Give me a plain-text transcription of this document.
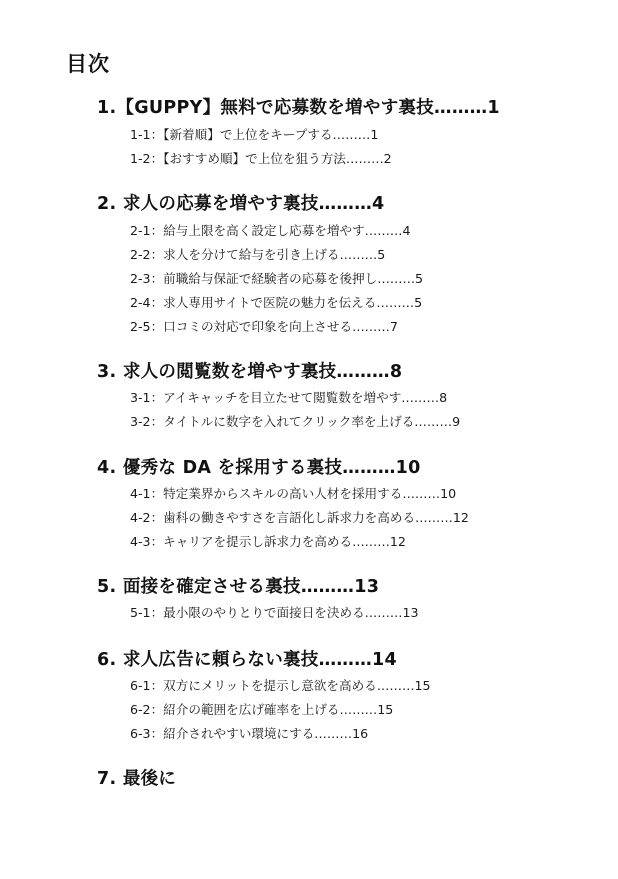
目次
1.【GUPPY】無料で応募数を増やす裏技………1
1-1：【新着順】で上位をキープする………1
1-2：【おすすめ順】で上位を狙う方法………2
2. 求人の応募を増やす裏技………4
2-1：給与上限を高く設定し応募を増やす………4
2-2：求人を分けて給与を引き上げる………5
2-3：前職給与保証で経験者の応募を後押し………5
2-4：求人専用サイトで医院の魅力を伝える………5
2-5：口コミの対応で印象を向上させる………7
3. 求人の閲覧数を増やす裏技………8
3-1：アイキャッチを目立たせて閲覧数を増やす………8
3-2：タイトルに数字を入れてクリック率を上げる………9
4. 優秀な DA を採用する裏技………10
4-1：特定業界からスキルの高い人材を採用する………10
4-2：歯科の働きやすさを言語化し訴求力を高める………12
4-3：キャリアを提示し訴求力を高める………12
5. 面接を確定させる裏技………13
5-1：最小限のやりとりで面接日を決める………13
6. 求人広告に頼らない裏技………14
6-1：双方にメリットを提示し意欲を高める………15
6-2：紹介の範囲を広げ確率を上げる………15
6-3：紹介されやすい環境にする………16
7. 最後に
